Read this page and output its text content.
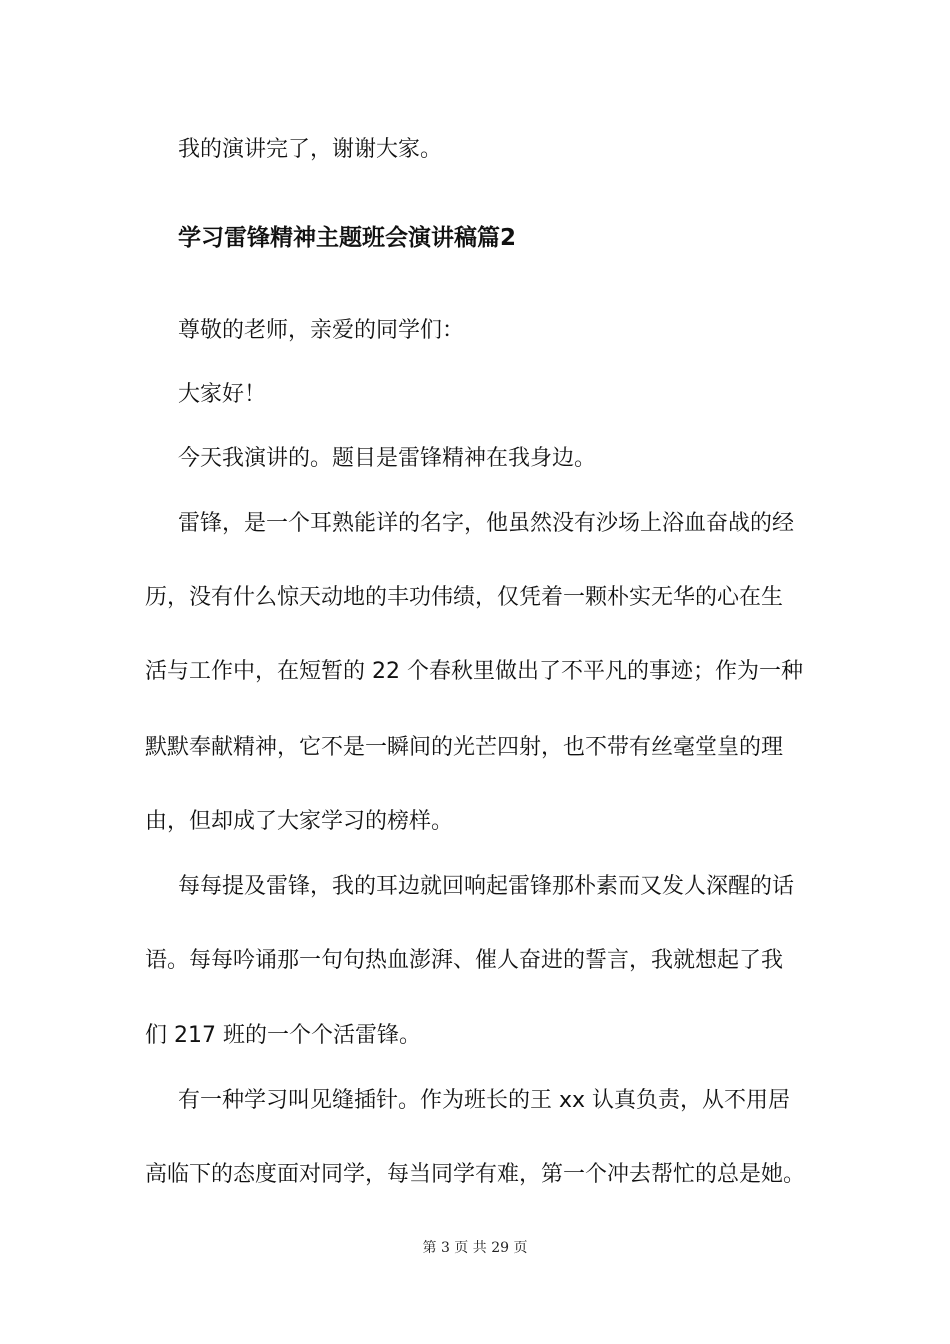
我的演讲完了，谢谢大家。
学习雷锋精神主题班会演讲稿篇2
尊敬的老师，亲爱的同学们：
大家好！
今天我演讲的。题目是雷锋精神在我身边。
雷锋，是一个耳熟能详的名字，他虽然没有沙场上浴血奋战的经
历，没有什么惊天动地的丰功伟绩，仅凭着一颗朴实无华的心在生
活与工作中，在短暂的 22 个春秋里做出了不平凡的事迹；作为一种
默默奉献精神，它不是一瞬间的光芒四射，也不带有丝毫堂皇的理
由，但却成了大家学习的榜样。
每每提及雷锋，我的耳边就回响起雷锋那朴素而又发人深醒的话
语。每每吟诵那一句句热血澎湃、催人奋进的誓言，我就想起了我
们 217 班的一个个活雷锋。
有一种学习叫见缝插针。作为班长的王 xx 认真负责，从不用居
高临下的态度面对同学，每当同学有难，第一个冲去帮忙的总是她。
第 3 页 共 29 页
